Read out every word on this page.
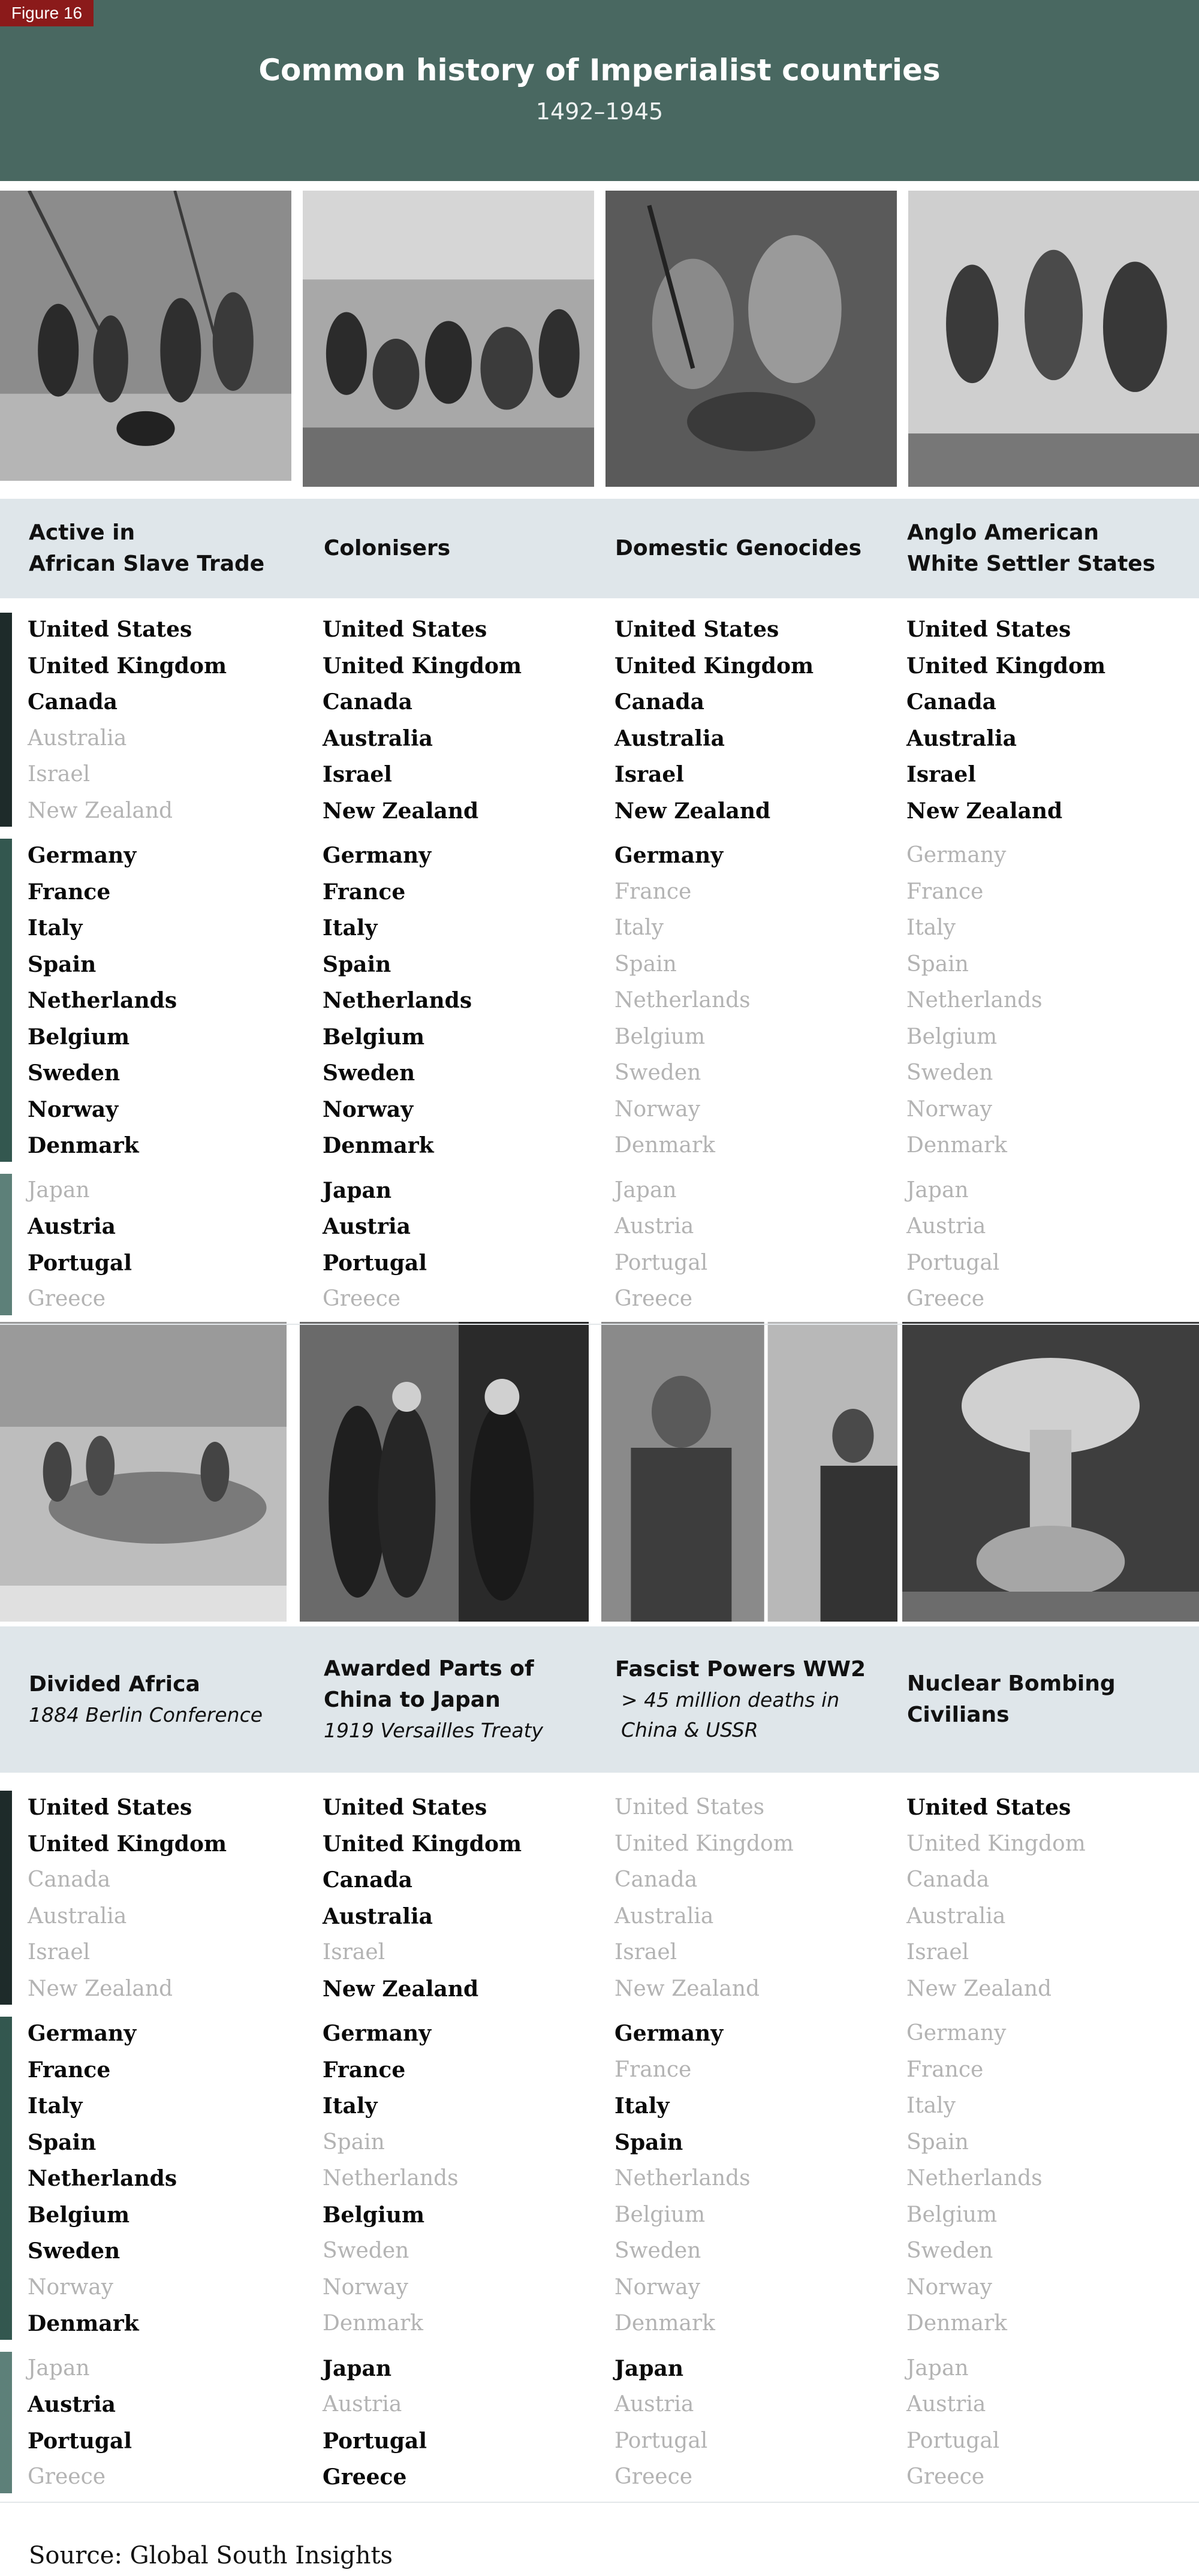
Common history of Imperialist countries
1492–1945
Figure 16
Active in
African Slave Trade
Colonisers	Domestic Genocides
Anglo American
White Settler States
Divided Africa
1884 Berlin Conference
Awarded Parts of
China to Japan
1919 Versailles Treaty
Fascist Powers WW2
> 45 million deaths in
China & USSR
Nuclear Bombing
Civilians
United States
United Kingdom
Canada
Australia
Israel
New Zealand
United States
United Kingdom
Canada
Australia
Israel
New Zealand
United States
United Kingdom
Canada
Australia
Israel
New Zealand
United States
United Kingdom
Canada
Australia
Israel
New Zealand
Germany
France
Italy
Spain
Netherlands
Belgium
Sweden
Norway
Denmark
Germany
France
Italy
Spain
Netherlands
Belgium
Sweden
Norway
Denmark
Germany
France
Italy
Spain
Netherlands
Belgium
Sweden
Norway
Denmark
Germany
France
Italy
Spain
Netherlands
Belgium
Sweden
Norway
Denmark
Japan
Austria
Portugal
Greece
Japan
Austria
Portugal
Greece
Japan
Austria
Portugal
Greece
Japan
Austria
Portugal
Greece
United States
United Kingdom
Canada
Australia
Israel
New Zealand
United States
United Kingdom
Canada
Australia
Israel
New Zealand
United States
United Kingdom
Canada
Australia
Israel
New Zealand
United States
United Kingdom
Canada
Australia
Israel
New Zealand
Germany
France
Italy
Spain
Netherlands
Belgium
Sweden
Norway
Denmark
Germany
France
Italy
Spain
Netherlands
Belgium
Sweden
Norway
Denmark
Germany
France
Italy
Spain
Netherlands
Belgium
Sweden
Norway
Denmark
Germany
France
Italy
Spain
Netherlands
Belgium
Sweden
Norway
Denmark
Japan
Austria
Portugal
Greece
Japan
Austria
Portugal
Greece
Japan
Austria
Portugal
Greece
Japan
Austria
Portugal
Greece
Source: Global South Insights
